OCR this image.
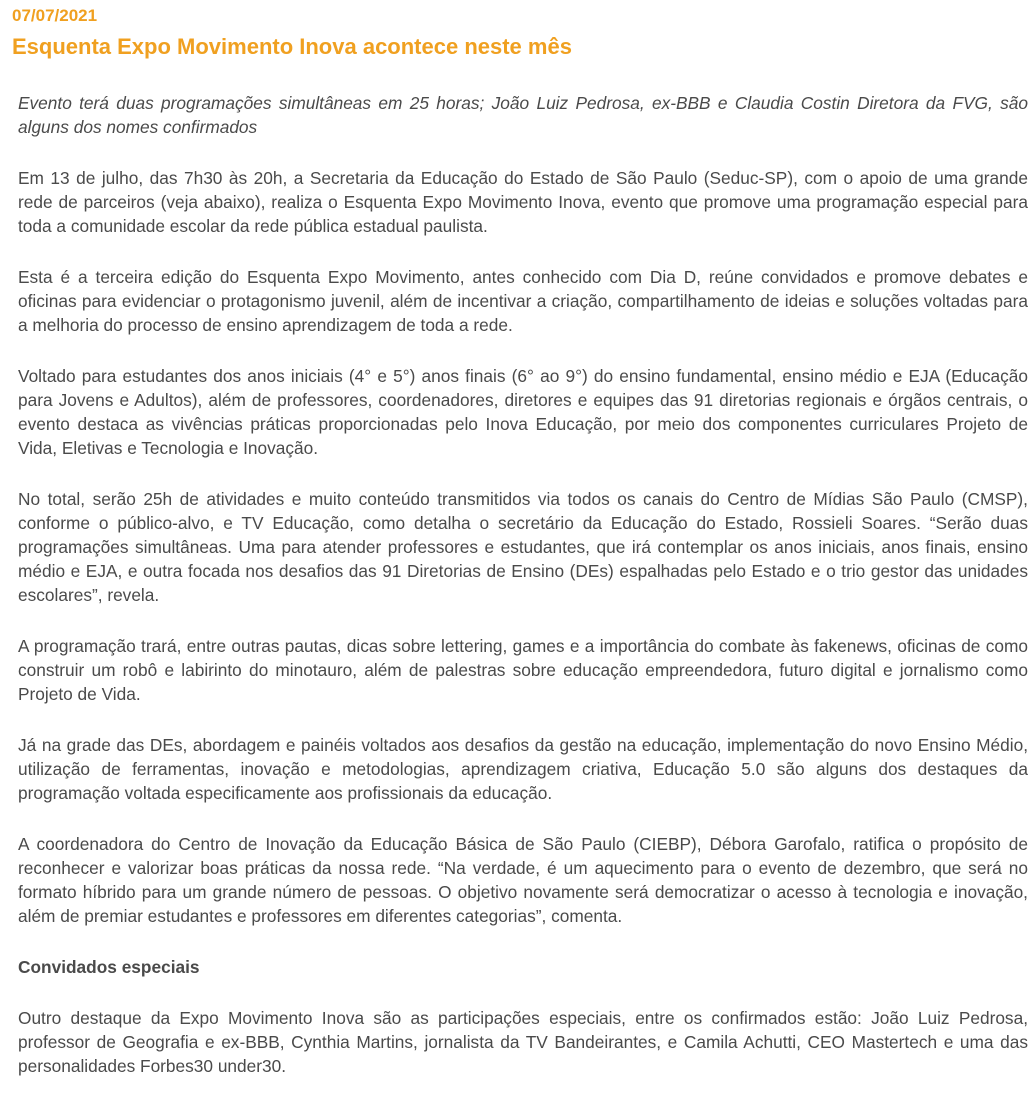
07/07/2021
Esquenta Expo Movimento Inova acontece neste mês

Evento terá duas programações simultâneas em 25 horas; João Luiz Pedrosa, ex-BBB e Claudia Costin Diretora da FVG, são alguns dos nomes confirmados

Em 13 de julho, das 7h30 às 20h, a Secretaria da Educação do Estado de São Paulo (Seduc-SP), com o apoio de uma grande rede de parceiros (veja abaixo), realiza o Esquenta Expo Movimento Inova, evento que promove uma programação especial para toda a comunidade escolar da rede pública estadual paulista.

Esta é a terceira edição do Esquenta Expo Movimento, antes conhecido com Dia D, reúne convidados e promove debates e oficinas para evidenciar o protagonismo juvenil, além de incentivar a criação, compartilhamento de ideias e soluções voltadas para a melhoria do processo de ensino aprendizagem de toda a rede.

Voltado para estudantes dos anos iniciais (4° e 5°) anos finais (6° ao 9°) do ensino fundamental, ensino médio e EJA (Educação para Jovens e Adultos), além de professores, coordenadores, diretores e equipes das 91 diretorias regionais e órgãos centrais, o evento destaca as vivências práticas proporcionadas pelo Inova Educação, por meio dos componentes curriculares Projeto de Vida, Eletivas e Tecnologia e Inovação.

No total, serão 25h de atividades e muito conteúdo transmitidos via todos os canais do Centro de Mídias São Paulo (CMSP), conforme o público-alvo, e TV Educação, como detalha o secretário da Educação do Estado, Rossieli Soares. “Serão duas programações simultâneas. Uma para atender professores e estudantes, que irá contemplar os anos iniciais, anos finais, ensino médio e EJA, e outra focada nos desafios das 91 Diretorias de Ensino (DEs) espalhadas pelo Estado e o trio gestor das unidades escolares”, revela.

A programação trará, entre outras pautas, dicas sobre lettering, games e a importância do combate às fakenews, oficinas de como construir um robô e labirinto do minotauro, além de palestras sobre educação empreendedora, futuro digital e jornalismo como Projeto de Vida.

Já na grade das DEs, abordagem e painéis voltados aos desafios da gestão na educação, implementação do novo Ensino Médio, utilização de ferramentas, inovação e metodologias, aprendizagem criativa, Educação 5.0 são alguns dos destaques da programação voltada especificamente aos profissionais da educação.

A coordenadora do Centro de Inovação da Educação Básica de São Paulo (CIEBP), Débora Garofalo, ratifica o propósito de reconhecer e valorizar boas práticas da nossa rede. “Na verdade, é um aquecimento para o evento de dezembro, que será no formato híbrido para um grande número de pessoas. O objetivo novamente será democratizar o acesso à tecnologia e inovação, além de premiar estudantes e professores em diferentes categorias”, comenta.

Convidados especiais

Outro destaque da Expo Movimento Inova são as participações especiais, entre os confirmados estão: João Luiz Pedrosa, professor de Geografia e ex-BBB, Cynthia Martins, jornalista da TV Bandeirantes, e Camila Achutti, CEO Mastertech e uma das personalidades Forbes30 under30.
